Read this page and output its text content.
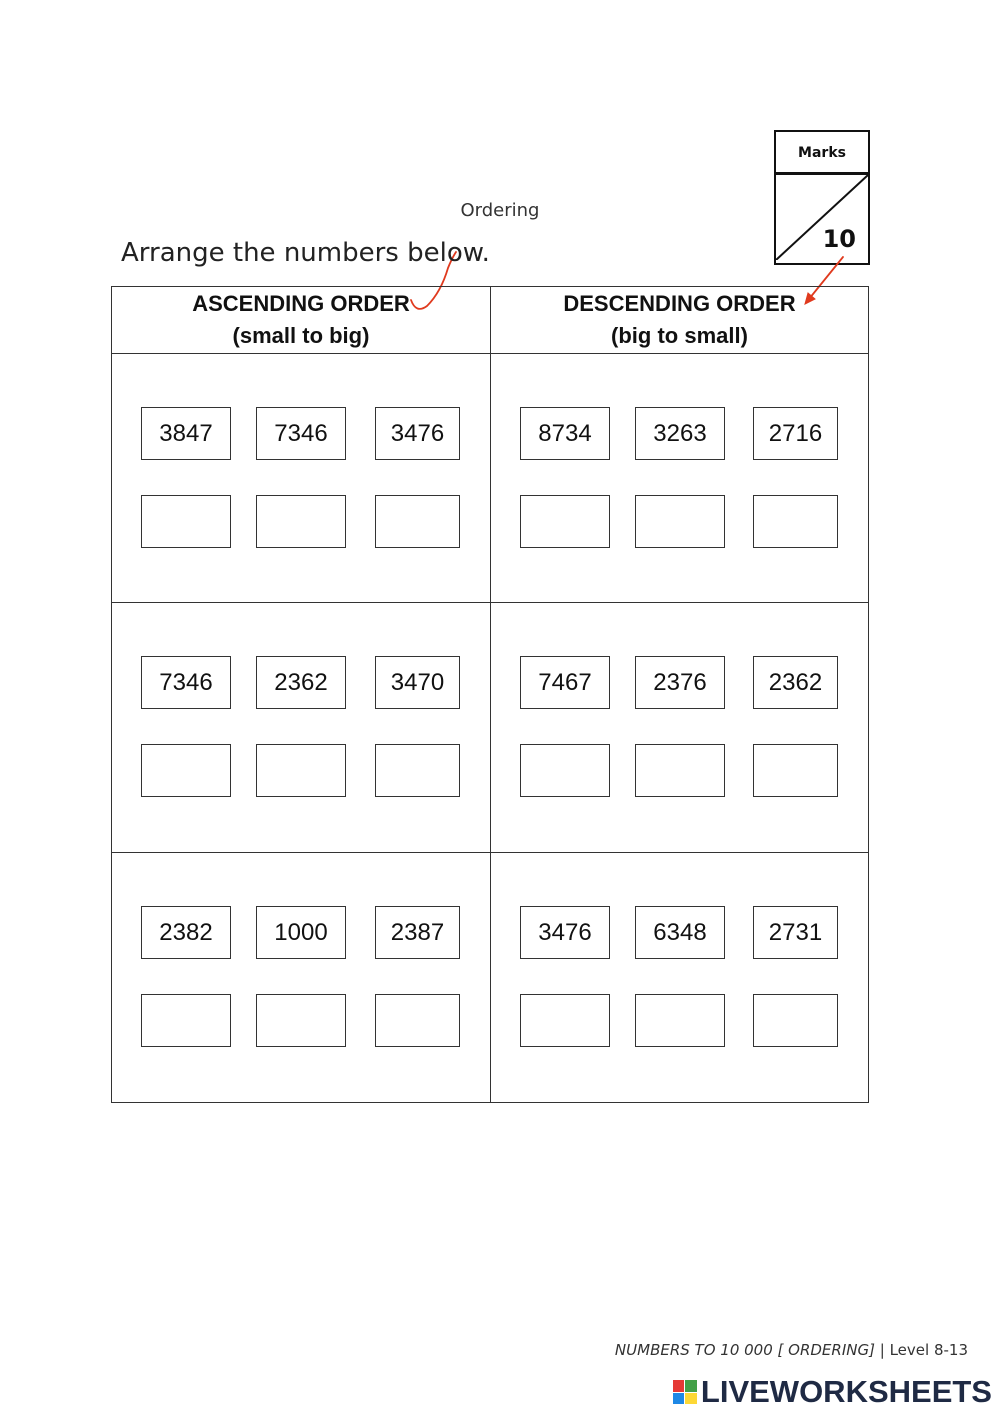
Marks
10
Ordering
Arrange the numbers below.
ASCENDING ORDER
(small to big)
DESCENDING ORDER
(big to small)
3847	7346	3476	8734	3263	2716
7346	2362	3470	7467	2376	2362
2382	1000	2387	3476	6348	2731
NUMBERS TO 10 000 [ ORDERING] | Level 8-13
LIVEWORKSHEETS
